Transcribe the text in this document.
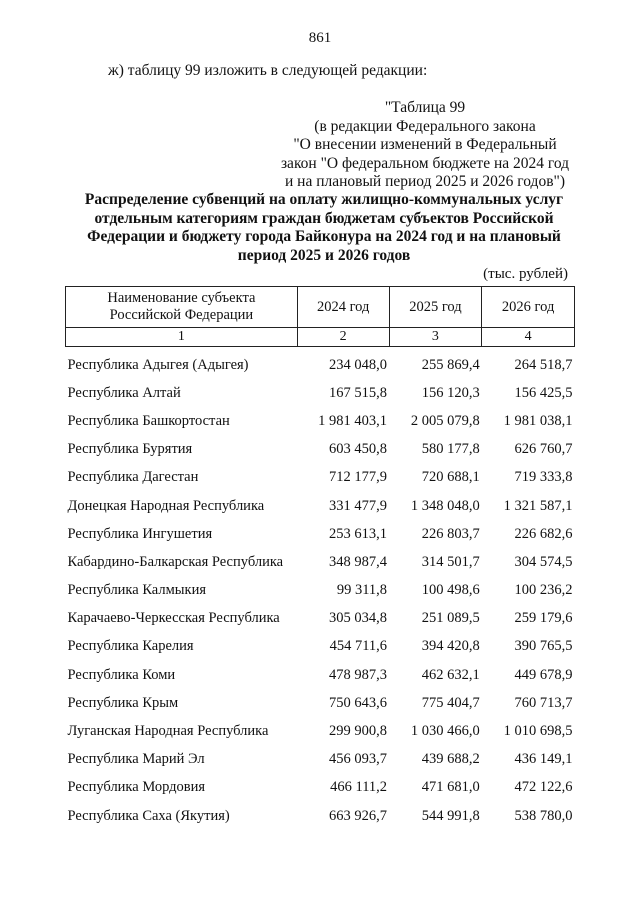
861
ж) таблицу 99 изложить в следующей редакции:
"Таблица 99
(в редакции Федерального закона
"О внесении изменений в Федеральный
закон "О федеральном бюджете на 2024 год
и на плановый период 2025 и 2026 годов")
Распределение субвенций на оплату жилищно-коммунальных услуг
отдельным категориям граждан бюджетам субъектов Российской
Федерации и бюджету города Байконура на 2024 год и на плановый
период 2025 и 2026 годов
(тыс. рублей)
Наименование субъекта
Российской Федерации	2024 год	2025 год	2026 год
1	2	3	4
Республика Адыгея (Адыгея)	234 048,0	255 869,4	264 518,7
Республика Алтай	167 515,8	156 120,3	156 425,5
Республика Башкортостан	1 981 403,1	2 005 079,8	1 981 038,1
Республика Бурятия	603 450,8	580 177,8	626 760,7
Республика Дагестан	712 177,9	720 688,1	719 333,8
Донецкая Народная Республика	331 477,9	1 348 048,0	1 321 587,1
Республика Ингушетия	253 613,1	226 803,7	226 682,6
Кабардино-Балкарская Республика	348 987,4	314 501,7	304 574,5
Республика Калмыкия	99 311,8	100 498,6	100 236,2
Карачаево-Черкесская Республика	305 034,8	251 089,5	259 179,6
Республика Карелия	454 711,6	394 420,8	390 765,5
Республика Коми	478 987,3	462 632,1	449 678,9
Республика Крым	750 643,6	775 404,7	760 713,7
Луганская Народная Республика	299 900,8	1 030 466,0	1 010 698,5
Республика Марий Эл	456 093,7	439 688,2	436 149,1
Республика Мордовия	466 111,2	471 681,0	472 122,6
Республика Саха (Якутия)	663 926,7	544 991,8	538 780,0
